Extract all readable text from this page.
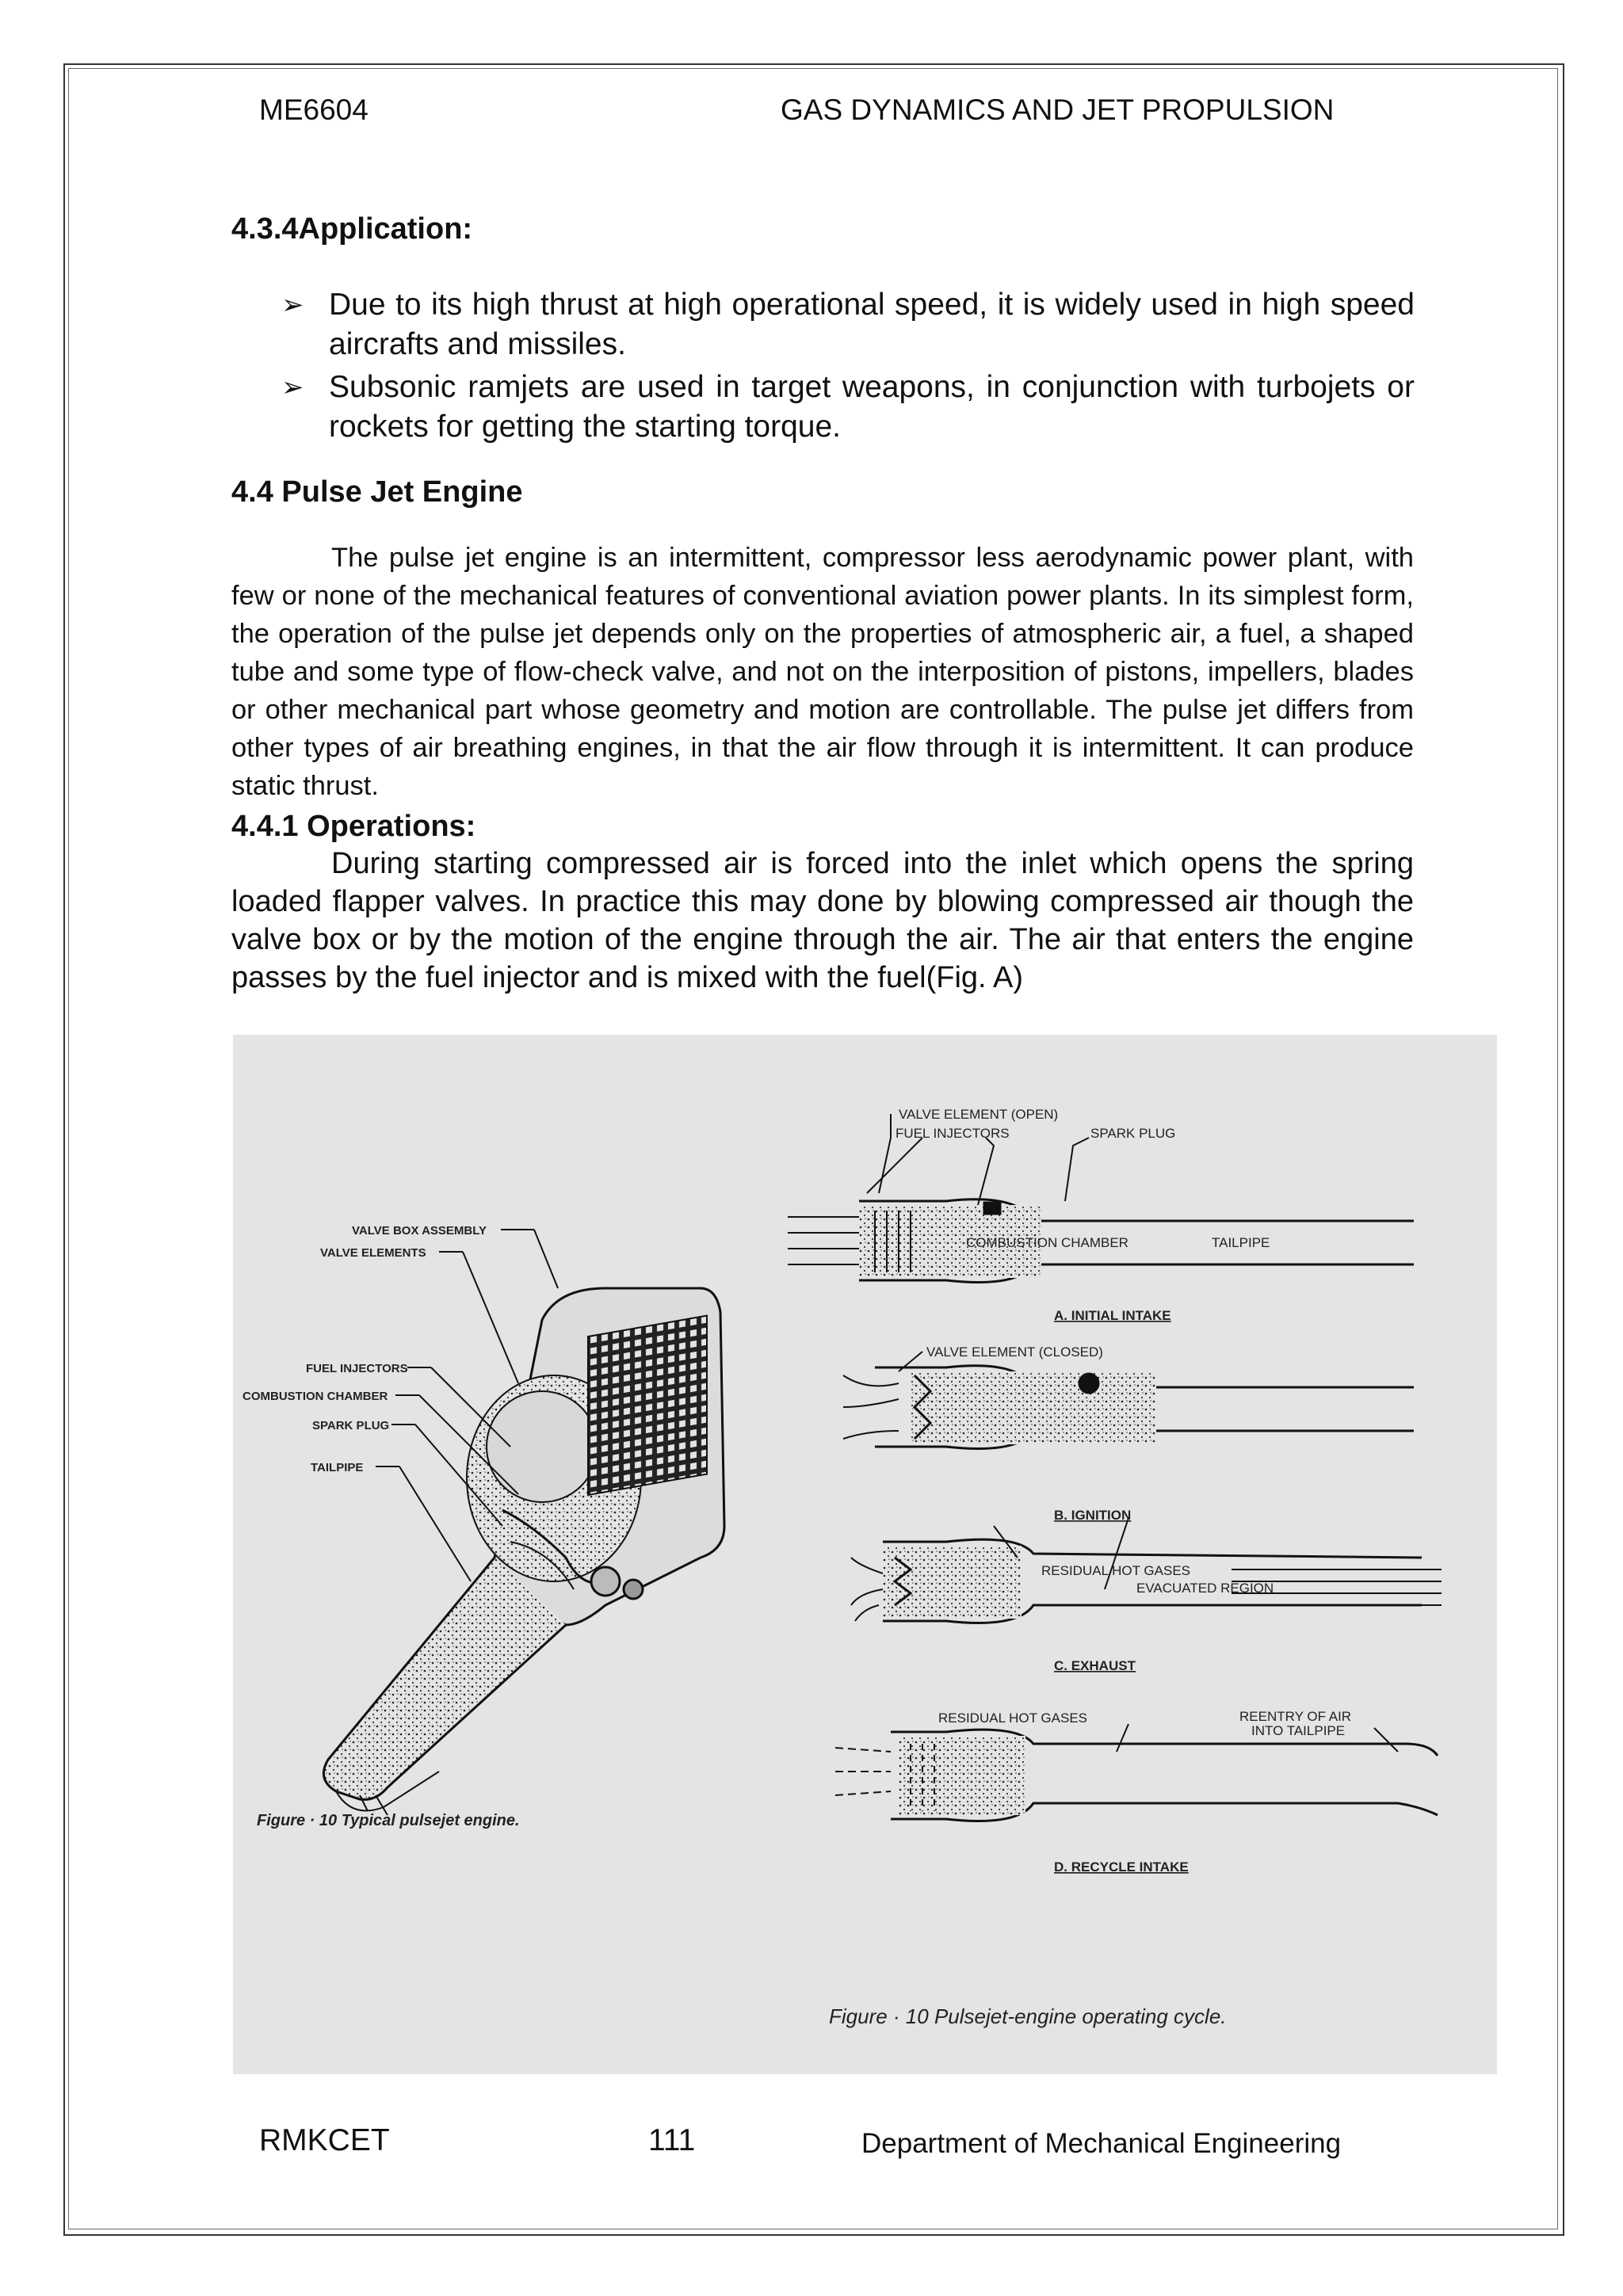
ME6604	GAS DYNAMICS AND JET PROPULSION
4.3.4Application:
➢ Due to its high thrust at high operational speed, it is widely used in high speed aircrafts and missiles.
➢ Subsonic ramjets are used in target weapons, in conjunction with turbojets or rockets for getting the starting torque.
4.4 Pulse Jet Engine

The pulse jet engine is an intermittent, compressor less aerodynamic power plant, with few or none of the mechanical features of conventional aviation power plants. In its simplest form, the operation of the pulse jet depends only on the properties of atmospheric air, a fuel, a shaped tube and some type of flow-check valve, and not on the interposition of pistons, impellers, blades or other mechanical part whose geometry and motion are controllable. The pulse jet differs from other types of air breathing engines, in that the air flow through it is intermittent. It can produce static thrust.

4.4.1 Operations:

During starting compressed air is forced into the inlet which opens the spring loaded flapper valves. In practice this may done by blowing compressed air though the valve box or by the motion of the engine through the air. The air that enters the engine passes by the fuel injector and is mixed with the fuel(Fig. A)

VALVE BOX ASSEMBLY
VALVE ELEMENTS
FUEL INJECTORS
COMBUSTION CHAMBER
SPARK PLUG
TAILPIPE
Figure · 10 Typical pulsejet engine.
VALVE ELEMENT (OPEN)
FUEL INJECTORS	SPARK PLUG
COMBUSTION CHAMBER	TAILPIPE
A. INITIAL INTAKE
VALVE ELEMENT (CLOSED)
B. IGNITION
RESIDUAL HOT GASES
EVACUATED REGION
C. EXHAUST
RESIDUAL HOT GASES	REENTRY OF AIR
INTO TAILPIPE
D. RECYCLE INTAKE
Figure · 10 Pulsejet-engine operating cycle.
RMKCET	111	Department of Mechanical Engineering
